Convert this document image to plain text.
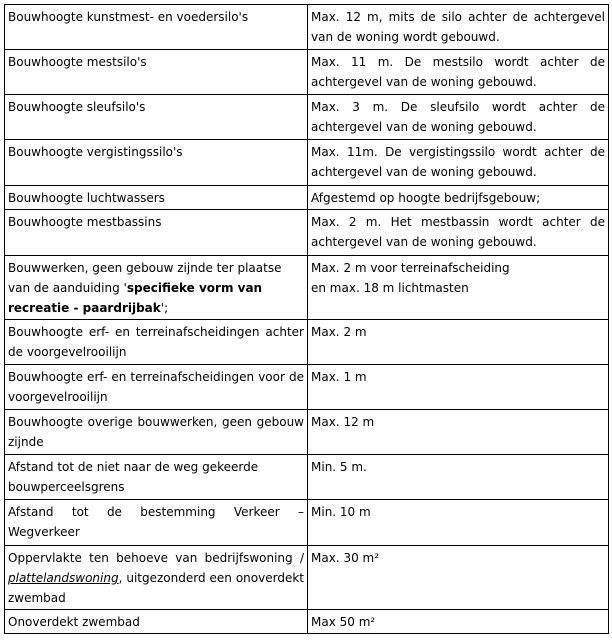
Bouwhoogte kunstmest- en voedersilo's	Max. 12 m, mits de silo achter de achtergevel
van de woning wordt gebouwd.
Bouwhoogte mestsilo's	Max. 11 m. De mestsilo wordt achter de
achtergevel van de woning gebouwd.
Bouwhoogte sleufsilo's	Max. 3 m. De sleufsilo wordt achter de
achtergevel van de woning gebouwd.
Bouwhoogte vergistingssilo's	Max. 11m. De vergistingssilo wordt achter de
achtergevel van de woning gebouwd.
Bouwhoogte luchtwassers	Afgestemd op hoogte bedrijfsgebouw;
Bouwhoogte mestbassins	Max. 2 m. Het mestbassin wordt achter de
achtergevel van de woning gebouwd.
Bouwwerken, geen gebouw zijnde ter plaatse
van de aanduiding 'specifieke vorm van
recreatie - paardrijbak';	Max. 2 m voor terreinafscheiding
en max. 18 m lichtmasten

Bouwhoogte erf- en terreinafscheidingen achter
de voorgevelrooilijn	Max. 2 m

Bouwhoogte erf- en terreinafscheidingen voor de
voorgevelrooilijn	Max. 1 m

Bouwhoogte overige bouwwerken, geen gebouw
zijnde	Max. 12 m
Afstand tot de niet naar de weg gekeerde
bouwperceelsgrens	Min. 5 m.

Afstand tot de bestemming Verkeer –
Wegverkeer	Min. 10 m

Oppervlakte ten behoeve van bedrijfswoning /
plattelandswoning, uitgezonderd een onoverdekt
zwembad	Max. 30 m²
Onoverdekt zwembad	Max 50 m²
